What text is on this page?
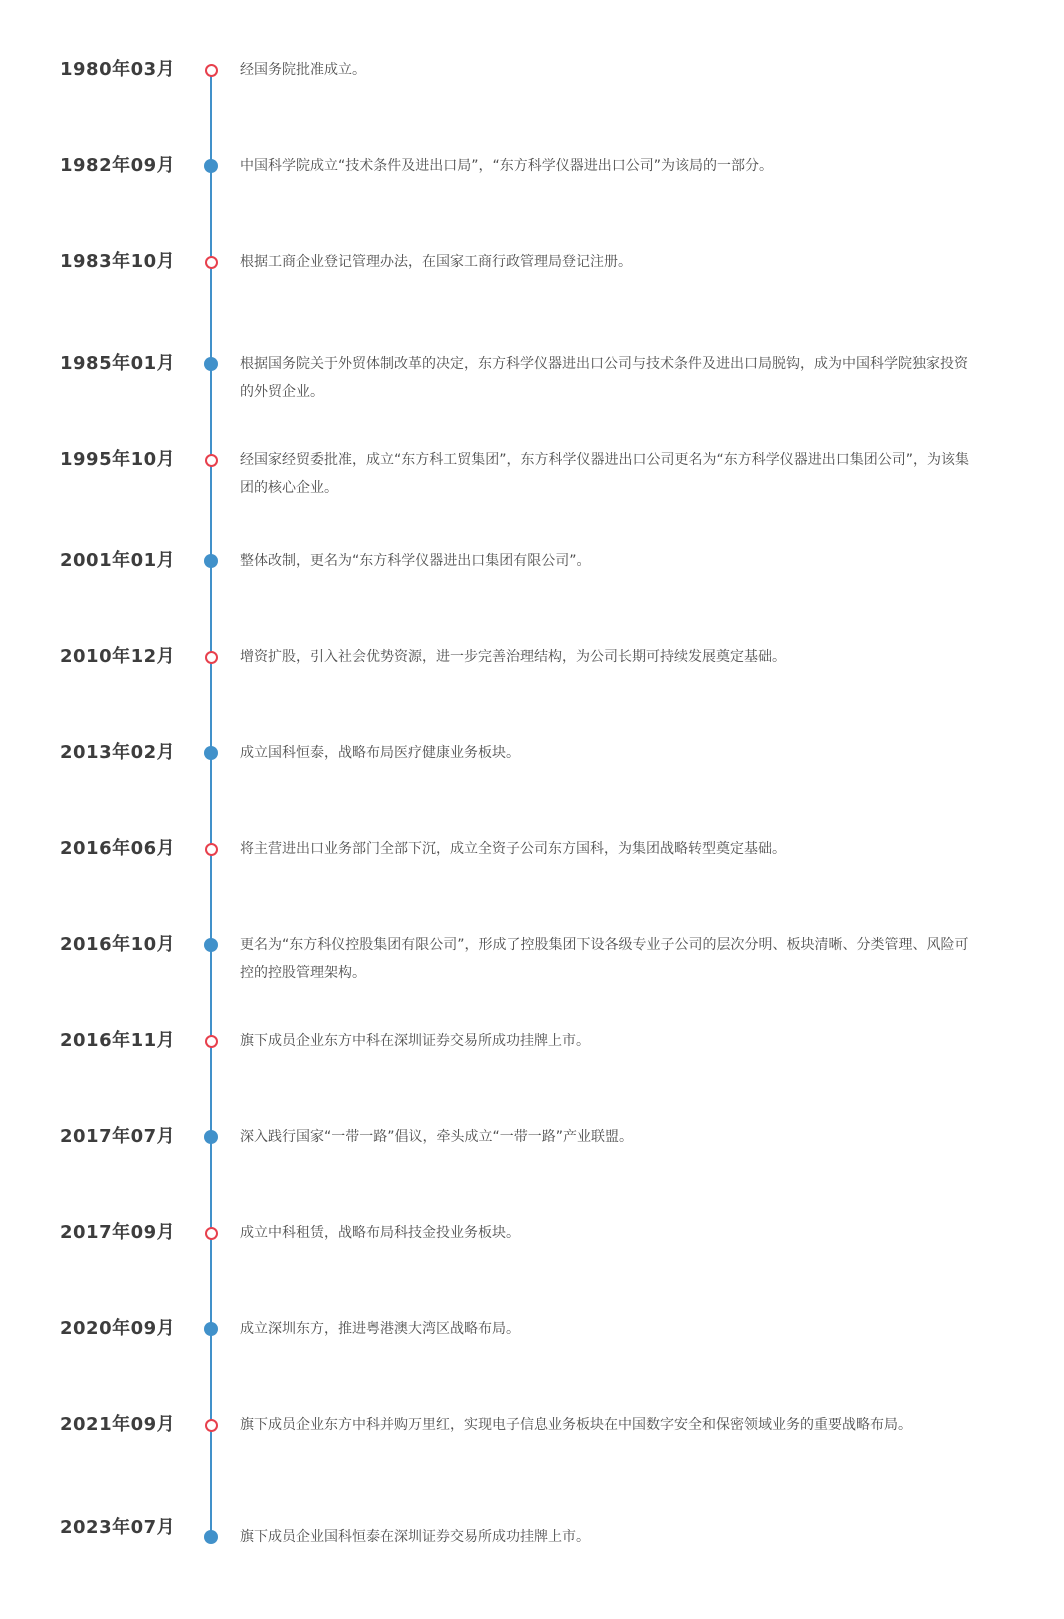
1980年03月	经国务院批准成立。
1982年09月	中国科学院成立“技术条件及进出口局”，“东方科学仪器进出口公司”为该局的一部分。
1983年10月	根据工商企业登记管理办法，在国家工商行政管理局登记注册。
1985年01月	根据国务院关于外贸体制改革的决定，东方科学仪器进出口公司与技术条件及进出口局脱钩，成为中国科学院独家投资的外贸企业。
1995年10月	经国家经贸委批准，成立“东方科工贸集团”，东方科学仪器进出口公司更名为“东方科学仪器进出口集团公司”，为该集团的核心企业。
2001年01月	整体改制，更名为“东方科学仪器进出口集团有限公司”。
2010年12月	增资扩股，引入社会优势资源，进一步完善治理结构，为公司长期可持续发展奠定基础。
2013年02月	成立国科恒泰，战略布局医疗健康业务板块。
2016年06月	将主营进出口业务部门全部下沉，成立全资子公司东方国科，为集团战略转型奠定基础。
2016年10月	更名为“东方科仪控股集团有限公司”，形成了控股集团下设各级专业子公司的层次分明、板块清晰、分类管理、风险可控的控股管理架构。
2016年11月	旗下成员企业东方中科在深圳证券交易所成功挂牌上市。
2017年07月	深入践行国家“一带一路”倡议，牵头成立“一带一路”产业联盟。
2017年09月	成立中科租赁，战略布局科技金投业务板块。
2020年09月	成立深圳东方，推进粤港澳大湾区战略布局。
2021年09月	旗下成员企业东方中科并购万里红，实现电子信息业务板块在中国数字安全和保密领域业务的重要战略布局。
2023年07月	旗下成员企业国科恒泰在深圳证券交易所成功挂牌上市。
